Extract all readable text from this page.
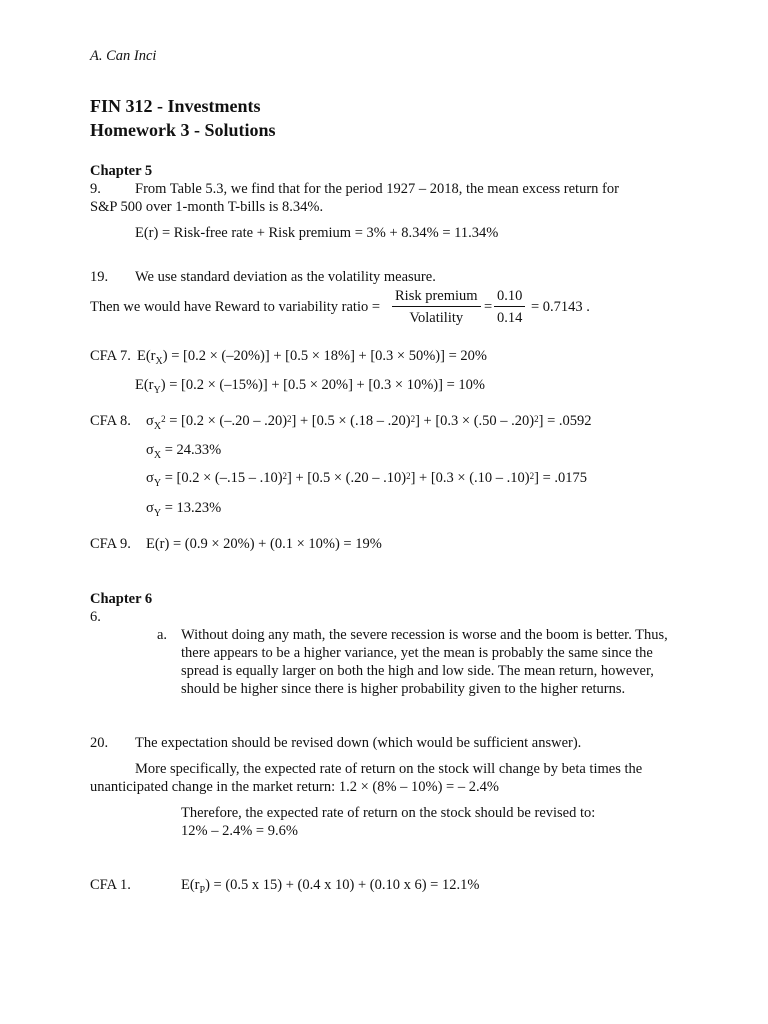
A. Can Inci
FIN 312 - Investments
Homework 3 - Solutions
Chapter 5
9. From Table 5.3, we find that for the period 1927 – 2018, the mean excess return for
S&P 500 over 1-month T-bills is 8.34%.
E(r) = Risk-free rate + Risk premium = 3% + 8.34% = 11.34%
19. We use standard deviation as the volatility measure.
Then we would have Reward to variability ratio =
Risk premium
Volatility
= $\frac{0.10}{0.14} = 0.7143$ .
CFA 7. $E(r_X) = [0.2 \times (-20\%)] + [0.5 \times 18\%] + [0.3 \times 50\%)] = 20\%$
$E(r_Y) = [0.2 \times (-15\%)] + [0.5 \times 20\%] + [0.3 \times 10\%)] = 10\%$
CFA 8. $\sigma_X^2 = [0.2 \times (-.20 - .20)^2] + [0.5 \times (.18 - .20)^2] + [0.3 \times (.50 - .20)^2] = .0592$
$\sigma_X = 24.33\%$
$\sigma_Y = [0.2 \times (-.15 - .10)^2] + [0.5 \times (.20 - .10)^2] + [0.3 \times (.10 - .10)^2] = .0175$
$\sigma_Y = 13.23\%$
CFA 9. E(r) = (0.9 × 20%) + (0.1 × 10%) = 19%
Chapter 6
6.
a. Without doing any math, the severe recession is worse and the boom is better. Thus, there appears to be a higher variance, yet the mean is probably the same since the spread is equally larger on both the high and low side. The mean return, however, should be higher since there is higher probability given to the higher returns.
20. The expectation should be revised down (which would be sufficient answer).
More specifically, the expected rate of return on the stock will change by beta times the
unanticipated change in the market return: 1.2 × (8% – 10%) = – 2.4%
Therefore, the expected rate of return on the stock should be revised to:
12% – 2.4% = 9.6%
CFA 1.	$E(r_P) = (0.5$ x 15) + (0.4 x 10) + (0.10 x 6) = 12.1%
